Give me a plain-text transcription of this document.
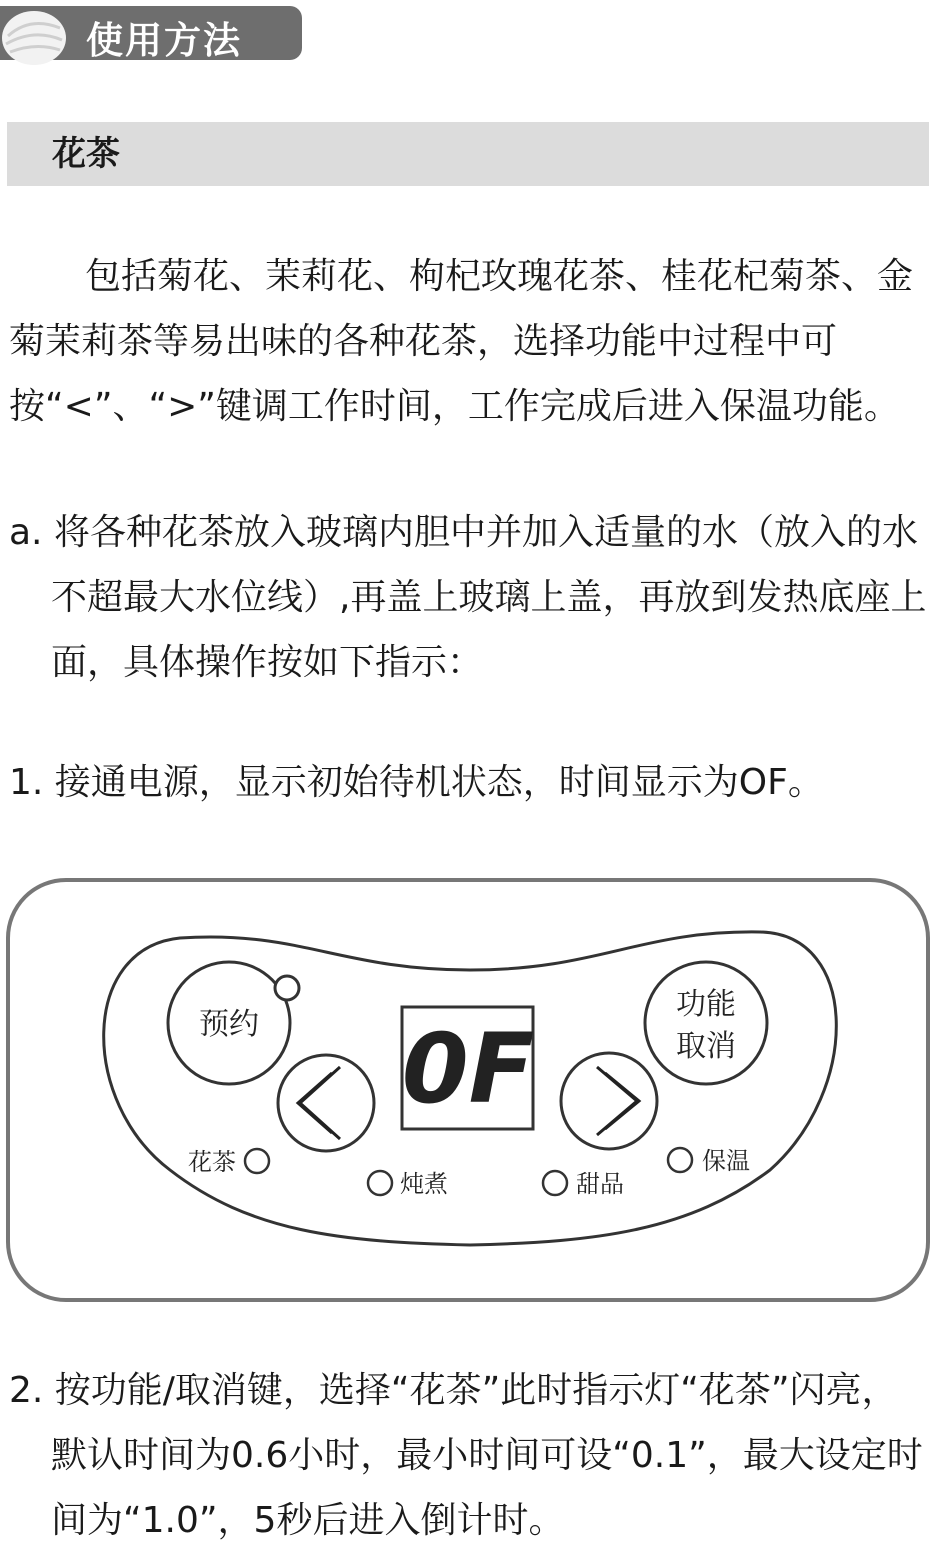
使用方法
花茶

包括菊花、茉莉花、枸杞玫瑰花茶、桂花杞菊茶、金菊茉莉茶等易出味的各种花茶，选择功能中过程中可按“<”、“>”键调工作时间，工作完成后进入保温功能。

a. 将各种花茶放入玻璃内胆中并加入适量的水（放入的水不超最大水位线）,再盖上玻璃上盖，再放到发热底座上面，具体操作按如下指示：

1. 接通电源，显示初始待机状态，时间显示为OF。

预约 0F
功能
取消
花茶
炖煮	甜品
保温

2. 按功能/取消键，选择“花茶”此时指示灯“花茶”闪亮，默认时间为0.6小时，最小时间可设“0.1”，最大设定时间为“1.0”，5秒后进入倒计时。
